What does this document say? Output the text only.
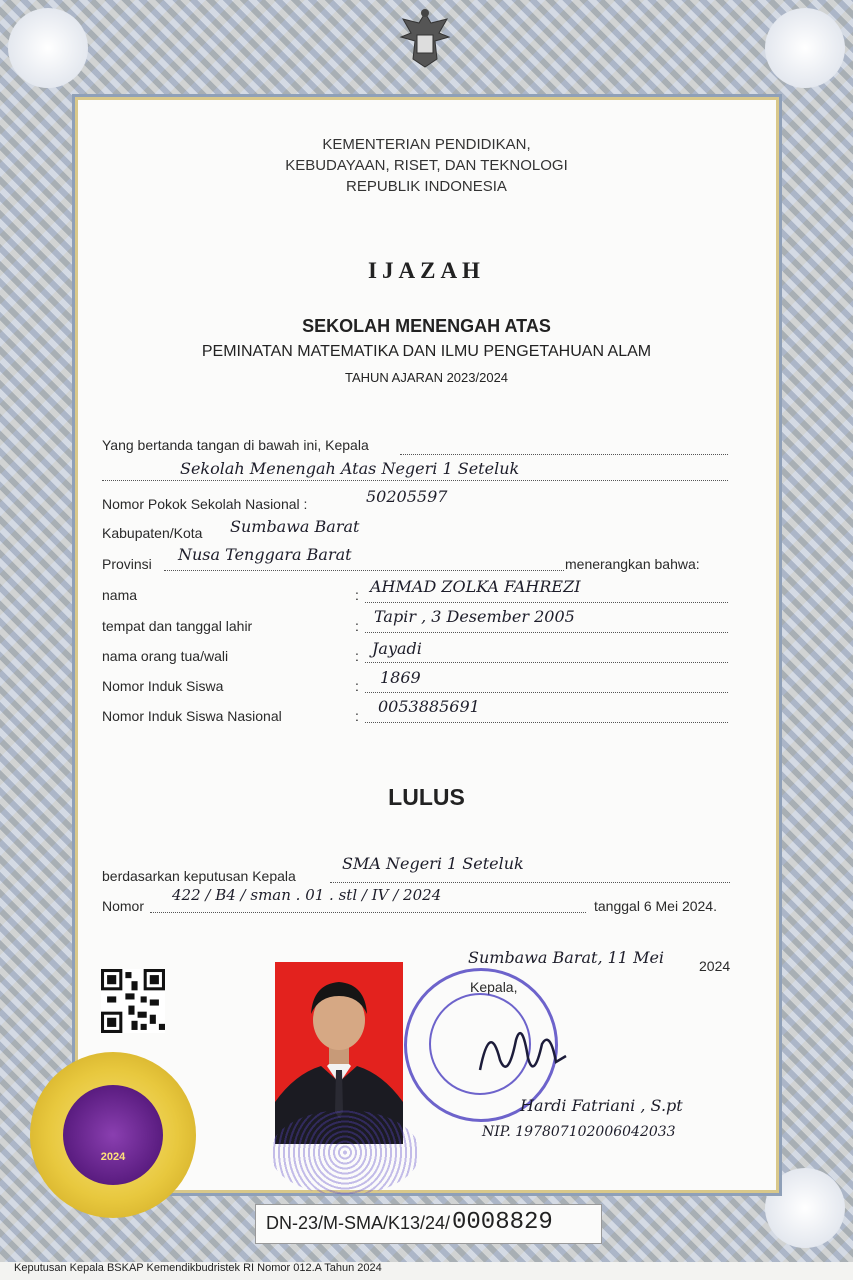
KEMENTERIAN PENDIDIKAN,
KEBUDAYAAN, RISET, DAN TEKNOLOGI
REPUBLIK INDONESIA
IJAZAH
SEKOLAH MENENGAH ATAS
PEMINATAN MATEMATIKA DAN ILMU PENGETAHUAN ALAM
TAHUN AJARAN 2023/2024
Yang bertanda tangan di bawah ini, Kepala
Sekolah Menengah Atas Negeri 1 Seteluk
Nomor Pokok Sekolah Nasional :	50205597
Kabupaten/Kota Sumbawa Barat
Provinsi Nusa Tenggara Barat	menerangkan bahwa:
nama	: AHMAD ZOLKA FAHREZI
tempat dan tanggal lahir	: Tapir , 3 Desember 2005
nama orang tua/wali	: Jayadi
Nomor Induk Siswa	: 1869
Nomor Induk Siswa Nasional	: 0053885691
LULUS
berdasarkan keputusan Kepala
SMA Negeri 1 Seteluk
Nomor
422 / B4 / sman . 01 . stl / IV / 2024
tanggal 6 Mei 2024.
Sumbawa Barat, 11 Mei 2024
Kepala,
Hardi Fatriani , S.pt
NIP. 197807102006042033
2024
DN-23/M-SMA/K13/24/ 0008829
Keputusan Kepala BSKAP Kemendikbudristek RI Nomor 012.A Tahun 2024
